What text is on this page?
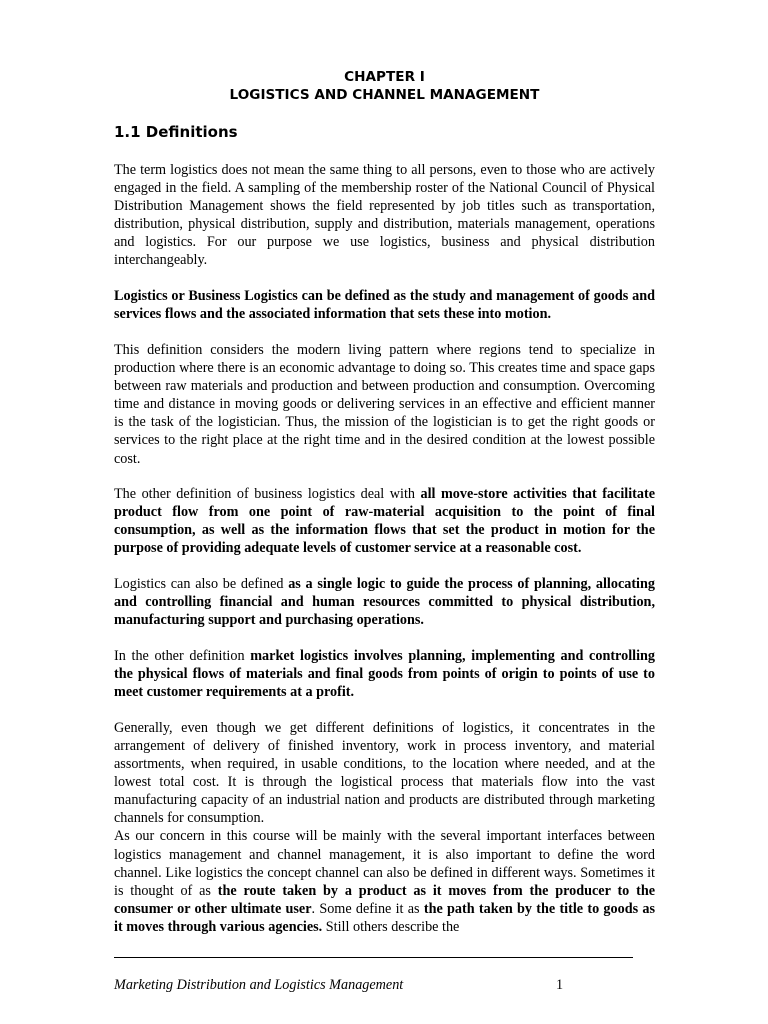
CHAPTER I
LOGISTICS AND CHANNEL MANAGEMENT
1.1 Definitions

The term logistics does not mean the same thing to all persons, even to those who are actively engaged in the field. A sampling of the membership roster of the National Council of Physical Distribution Management shows the field represented by job titles such as transportation, distribution, physical distribution, supply and distribution, materials management, operations and logistics. For our purpose we use logistics, business and physical distribution interchangeably.

Logistics or Business Logistics can be defined as the study and management of goods and services flows and the associated information that sets these into motion.

This definition considers the modern living pattern where regions tend to specialize in production where there is an economic advantage to doing so. This creates time and space gaps between raw materials and production and between production and consumption. Overcoming time and distance in moving goods or delivering services in an effective and efficient manner is the task of the logistician. Thus, the mission of the logistician is to get the right goods or services to the right place at the right time and in the desired condition at the lowest possible cost.

The other definition of business logistics deal with all move-store activities that facilitate product flow from one point of raw-material acquisition to the point of final consumption, as well as the information flows that set the product in motion for the purpose of providing adequate levels of customer service at a reasonable cost.

Logistics can also be defined as a single logic to guide the process of planning, allocating and controlling financial and human resources committed to physical distribution, manufacturing support and purchasing operations.

In the other definition market logistics involves planning, implementing and controlling the physical flows of materials and final goods from points of origin to points of use to meet customer requirements at a profit.

Generally, even though we get different definitions of logistics, it concentrates in the arrangement of delivery of finished inventory, work in process inventory, and material assortments, when required, in usable conditions, to the location where needed, and at the lowest total cost. It is through the logistical process that materials flow into the vast manufacturing capacity of an industrial nation and products are distributed through marketing channels for consumption.

As our concern in this course will be mainly with the several important interfaces between logistics management and channel management, it is also important to define the word channel. Like logistics the concept channel can also be defined in different ways. Sometimes it is thought of as the route taken by a product as it moves from the producer to the consumer or other ultimate user. Some define it as the path taken by the title to goods as it moves through various agencies. Still others describe the

Marketing Distribution and Logistics Management	1
